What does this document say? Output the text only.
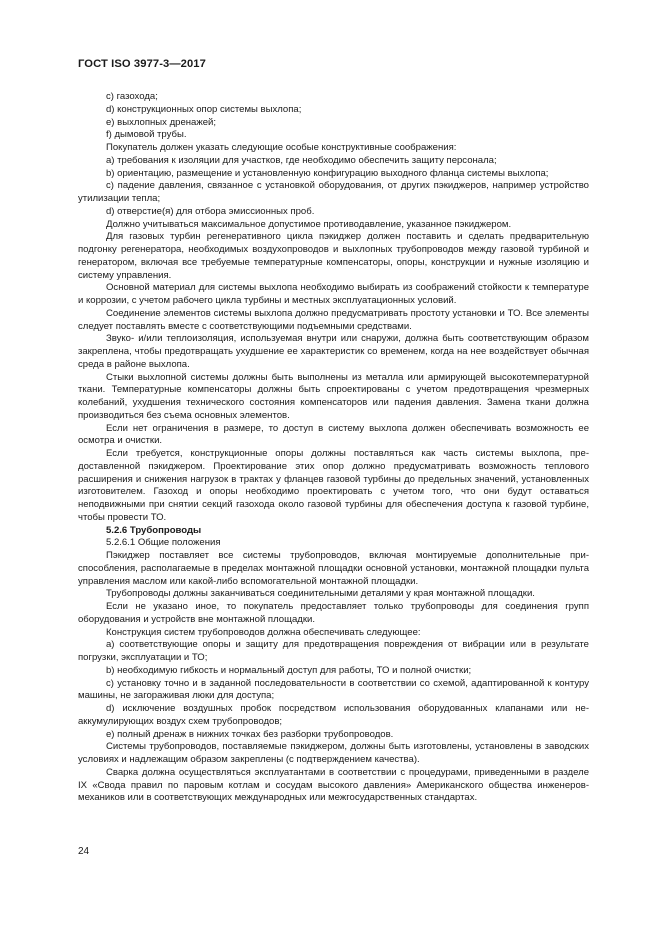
ГОСТ ISO 3977-3—2017

c) газохода;

d) конструкционных опор системы выхлопа;

e) выхлопных дренажей;

f) дымовой трубы.

Покупатель должен указать следующие особые конструктивные соображения:

а) требования к изоляции для участков, где необходимо обеспечить защиту персонала;

b) ориентацию, размещение и установленную конфигурацию выходного фланца системы выхлопа;

c) падение давления, связанное с установкой оборудования, от других пэкиджеров, например устройство утилизации тепла;

d) отверстие(я) для отбора эмиссионных проб.

Должно учитываться максимальное допустимое противодавление, указанное пэкиджером.

Для газовых турбин регенеративного цикла пэкиджер должен поставить и сделать предварительную подгонку регенератора, необходимых воздухопроводов и выхлопных трубопроводов между газовой турбиной и генератором, включая все требуемые температурные компенсаторы, опоры, конструкции и нужные изоляцию и систему управления.

Основной материал для системы выхлопа необходимо выбирать из соображений стойкости к температуре и коррозии, с учетом рабочего цикла турбины и местных эксплуатационных условий.

Соединение элементов системы выхлопа должно предусматривать простоту установки и ТО. Все элементы следует поставлять вместе с соответствующими подъемными средствами.

Звуко- и/или теплоизоляция, используемая внутри или снаружи, должна быть соответствующим образом закреплена, чтобы предотвращать ухудшение ее характеристик со временем, когда на нее воздействует обычная среда в районе выхлопа.

Стыки выхлопной системы должны быть выполнены из металла или армирующей высокотемпературной ткани. Температурные компенсаторы должны быть спроектированы с учетом предотвращения чрезмерных колебаний, ухудшения технического состояния компенсаторов или падения давления. Замена ткани должна производиться без съема основных элементов.

Если нет ограничения в размере, то доступ в систему выхлопа должен обеспечивать возможность ее осмотра и очистки.

Если требуется, конструкционные опоры должны поставляться как часть системы выхлопа, предоставленной пэкиджером. Проектирование этих опор должно предусматривать возможность теплового расширения и снижения нагрузок в трактах у фланцев газовой турбины до предельных значений, установленных изготовителем. Газоход и опоры необходимо проектировать с учетом того, что они будут оставаться неподвижными при снятии секций газохода около газовой турбины для обеспечения доступа к газовой турбине, чтобы провести ТО.

5.2.6 Трубопроводы

5.2.6.1 Общие положения

Пэкиджер поставляет все системы трубопроводов, включая монтируемые дополнительные приспособления, располагаемые в пределах монтажной площадки основной установки, монтажной площадки пульта управления маслом или какой-либо вспомогательной монтажной площадки.

Трубопроводы должны заканчиваться соединительными деталями у края монтажной площадки.

Если не указано иное, то покупатель предоставляет только трубопроводы для соединения групп оборудования и устройств вне монтажной площадки.

Конструкция систем трубопроводов должна обеспечивать следующее:

а) соответствующие опоры и защиту для предотвращения повреждения от вибрации или в результате погрузки, эксплуатации и ТО;

b) необходимую гибкость и нормальный доступ для работы, ТО и полной очистки;

c) установку точно и в заданной последовательности в соответствии со схемой, адаптированной к контуру машины, не загораживая люки для доступа;

d) исключение воздушных пробок посредством использования оборудованных клапанами или неаккумулирующих воздух схем трубопроводов;

e) полный дренаж в нижних точках без разборки трубопроводов.

Системы трубопроводов, поставляемые пэкиджером, должны быть изготовлены, установлены в заводских условиях и надлежащим образом закреплены (с подтверждением качества).

Сварка должна осуществляться эксплуатантами в соответствии с процедурами, приведенными в разделе IX «Свода правил по паровым котлам и сосудам высокого давления» Американского общества инженеров-механиков или в соответствующих международных или межгосударственных стандартах.

24
